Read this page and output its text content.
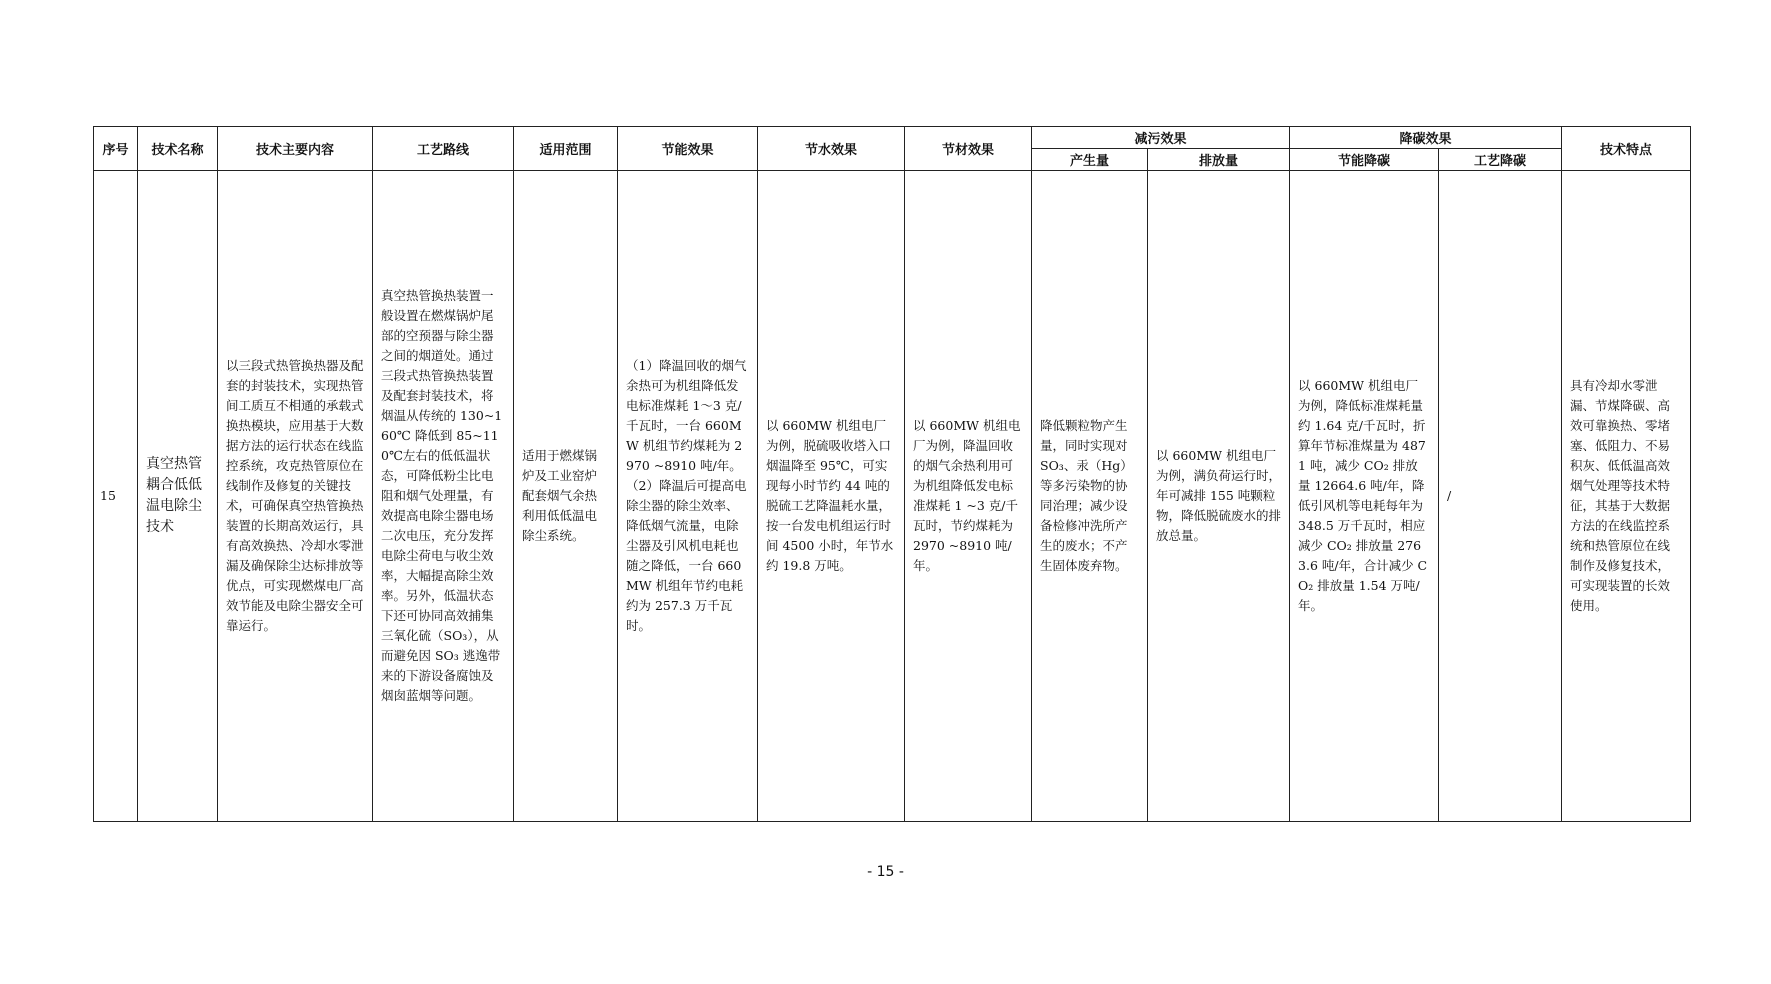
序号	技术名称	技术主要内容	工艺路线	适用范围	节能效果	节水效果	节材效果	减污效果		降碳效果		技术特点
								产生量	排放量	节能降碳	工艺降碳	
15	真空热管耦合低低温电除尘技术	以三段式热管换热器及配套的封装技术，实现热管间工质互不相通的承载式换热模块，应用基于大数据方法的运行状态在线监控系统，攻克热管原位在线制作及修复的关键技术，可确保真空热管换热装置的长期高效运行，具有高效换热、冷却水零泄漏及确保除尘达标排放等优点，可实现燃煤电厂高效节能及电除尘器安全可靠运行。	真空热管换热装置一般设置在燃煤锅炉尾部的空预器与除尘器之间的烟道处。通过三段式热管换热装置及配套封装技术，将烟温从传统的 130~160℃ 降低到 85~110℃左右的低低温状态，可降低粉尘比电阻和烟气处理量，有效提高电除尘器电场二次电压，充分发挥电除尘荷电与收尘效率，大幅提高除尘效率。另外，低温状态下还可协同高效捕集三氧化硫（SO₃），从而避免因 SO₃ 逃逸带来的下游设备腐蚀及烟囱蓝烟等问题。	适用于燃煤锅炉及工业窑炉配套烟气余热利用低低温电除尘系统。	（1）降温回收的烟气余热可为机组降低发电标准煤耗 1～3 克/千瓦时，一台 660MW 机组节约煤耗为 2970 ~8910 吨/年。
（2）降温后可提高电除尘器的除尘效率、降低烟气流量，电除尘器及引风机电耗也随之降低，一台 660MW 机组年节约电耗约为 257.3 万千瓦时。	以 660MW 机组电厂为例，脱硫吸收塔入口烟温降至 95℃，可实现每小时节约 44 吨的脱硫工艺降温耗水量，按一台发电机组运行时间 4500 小时，年节水约 19.8 万吨。	以 660MW 机组电厂为例，降温回收的烟气余热利用可为机组降低发电标准煤耗 1 ~3 克/千瓦时，节约煤耗为 2970 ~8910 吨/年。	降低颗粒物产生量，同时实现对 SO₃、汞（Hg）等多污染物的协同治理；减少设备检修冲洗所产生的废水；不产生固体废弃物。	以 660MW 机组电厂为例，满负荷运行时，年可减排 155 吨颗粒物，降低脱硫废水的排放总量。	以 660MW 机组电厂为例，降低标准煤耗量约 1.64 克/千瓦时，折算年节标准煤量为 4871 吨，减少 CO₂ 排放量 12664.6 吨/年，降低引风机等电耗每年为 348.5 万千瓦时，相应减少 CO₂ 排放量 2763.6 吨/年，合计减少 CO₂ 排放量 1.54 万吨/年。	/	具有冷却水零泄漏、节煤降碳、高效可靠换热、零堵塞、低阻力、不易积灰、低低温高效烟气处理等技术特征，其基于大数据方法的在线监控系统和热管原位在线制作及修复技术，可实现装置的长效使用。
- 15 -
